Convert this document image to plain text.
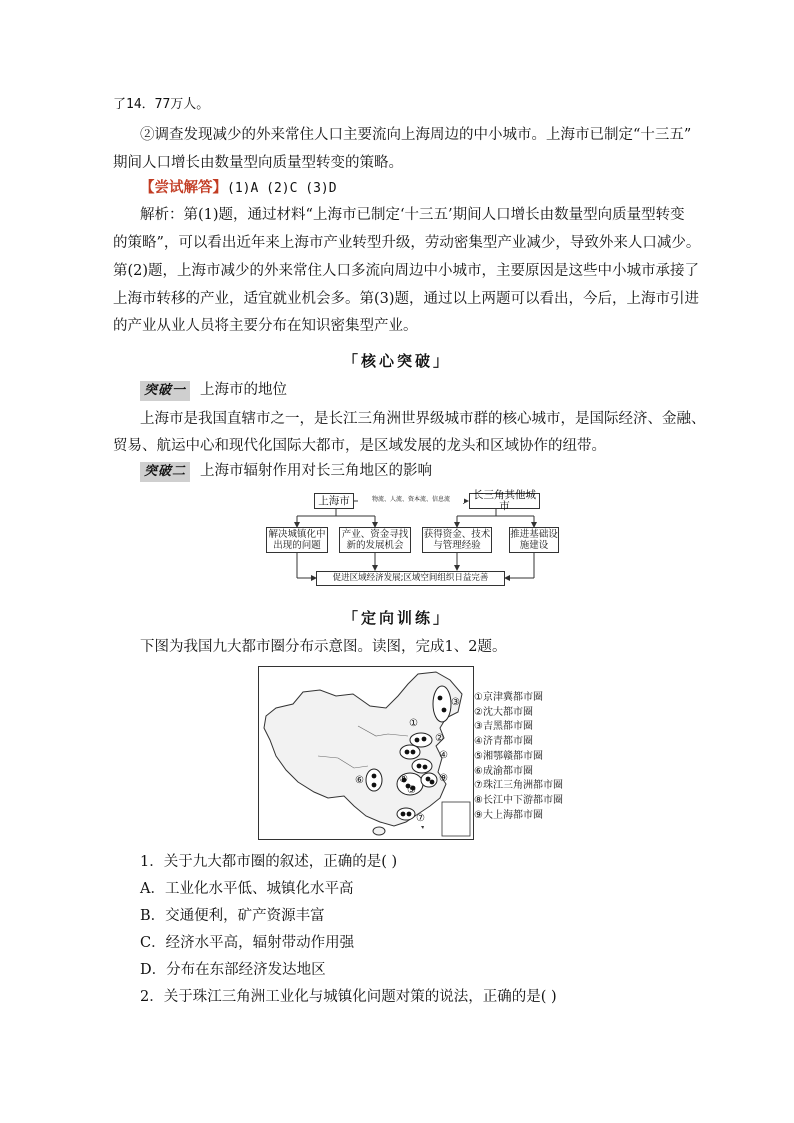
了14．77万人。
②调查发现减少的外来常住人口主要流向上海周边的中小城市。上海市已制定“十三五”
期间人口增长由数量型向质量型转变的策略。
【尝试解答】(1)A (2)C (3)D
解析：第(1)题，通过材料“上海市已制定‘十三五’期间人口增长由数量型向质量型转变
的策略”，可以看出近年来上海市产业转型升级，劳动密集型产业减少，导致外来人口减少。
第(2)题，上海市减少的外来常住人口多流向周边中小城市，主要原因是这些中小城市承接了
上海市转移的产业，适宜就业机会多。第(3)题，通过以上两题可以看出，今后，上海市引进
的产业从业人员将主要分布在知识密集型产业。
「核心突破」
突破一 上海市的地位
上海市是我国直辖市之一，是长江三角洲世界级城市群的核心城市，是国际经济、金融、
贸易、航运中心和现代化国际大都市，是区域发展的龙头和区域协作的纽带。
突破二 上海市辐射作用对长三角地区的影响
上海市	长三角其他城市
物流、人流、资本流、信息流
解决城镇化中出现的问题
产业、资金寻找新的发展机会
获得资金、技术与管理经验
推进基础设施建设
促进区域经济发展;区域空间组织日益完善
「定向训练」
下图为我国九大都市圈分布示意图。读图，完成1、2题。
③
①
②
④
⑧
⑥
⑤
⑨
⑦
①京津冀都市圈
②沈大都市圈
③吉黑都市圈
④济青都市圈
⑤湘鄂赣都市圈
⑥成渝都市圈
⑦珠江三角洲都市圈
⑧长江中下游都市圈
⑨大上海都市圈
1．关于九大都市圈的叙述，正确的是( )
A．工业化水平低、城镇化水平高
B．交通便利，矿产资源丰富
C．经济水平高，辐射带动作用强
D．分布在东部经济发达地区
2．关于珠江三角洲工业化与城镇化问题对策的说法，正确的是( )
